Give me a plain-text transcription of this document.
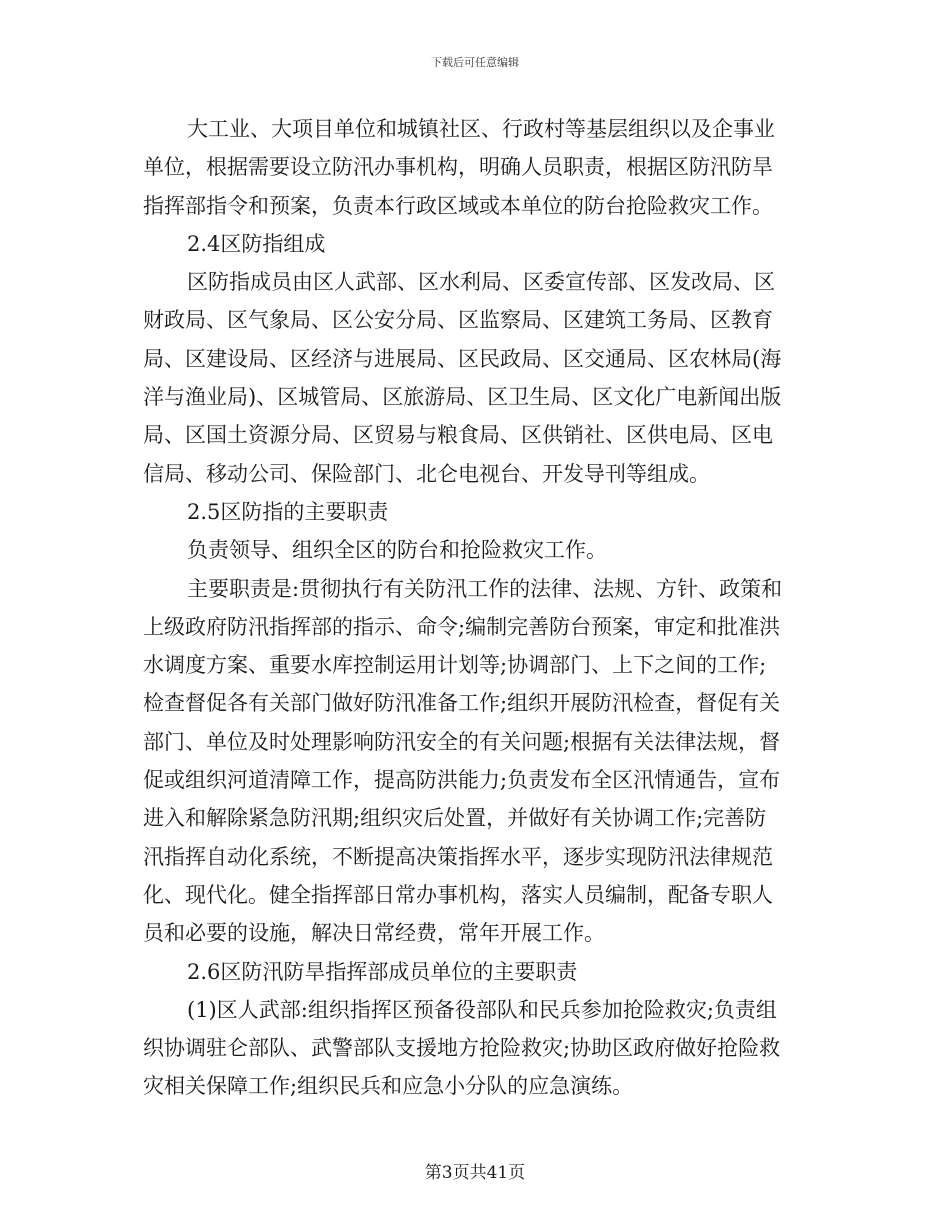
下载后可任意编辑

大工业、大项目单位和城镇社区、行政村等基层组织以及企事业

单位，根据需要设立防汛办事机构，明确人员职责，根据区防汛防旱

指挥部指令和预案，负责本行政区域或本单位的防台抢险救灾工作。

2.4区防指组成

区防指成员由区人武部、区水利局、区委宣传部、区发改局、区

财政局、区气象局、区公安分局、区监察局、区建筑工务局、区教育

局、区建设局、区经济与进展局、区民政局、区交通局、区农林局(海

洋与渔业局)、区城管局、区旅游局、区卫生局、区文化广电新闻出版

局、区国土资源分局、区贸易与粮食局、区供销社、区供电局、区电

信局、移动公司、保险部门、北仑电视台、开发导刊等组成。

2.5区防指的主要职责

负责领导、组织全区的防台和抢险救灾工作。

主要职责是:贯彻执行有关防汛工作的法律、法规、方针、政策和

上级政府防汛指挥部的指示、命令;编制完善防台预案，审定和批准洪

水调度方案、重要水库控制运用计划等;协调部门、上下之间的工作;

检查督促各有关部门做好防汛准备工作;组织开展防汛检查，督促有关

部门、单位及时处理影响防汛安全的有关问题;根据有关法律法规，督

促或组织河道清障工作，提高防洪能力;负责发布全区汛情通告，宣布

进入和解除紧急防汛期;组织灾后处置，并做好有关协调工作;完善防

汛指挥自动化系统，不断提高决策指挥水平，逐步实现防汛法律规范

化、现代化。健全指挥部日常办事机构，落实人员编制，配备专职人

员和必要的设施，解决日常经费，常年开展工作。

2.6区防汛防旱指挥部成员单位的主要职责

(1)区人武部:组织指挥区预备役部队和民兵参加抢险救灾;负责组

织协调驻仑部队、武警部队支援地方抢险救灾;协助区政府做好抢险救

灾相关保障工作;组织民兵和应急小分队的应急演练。

第3页共41页
